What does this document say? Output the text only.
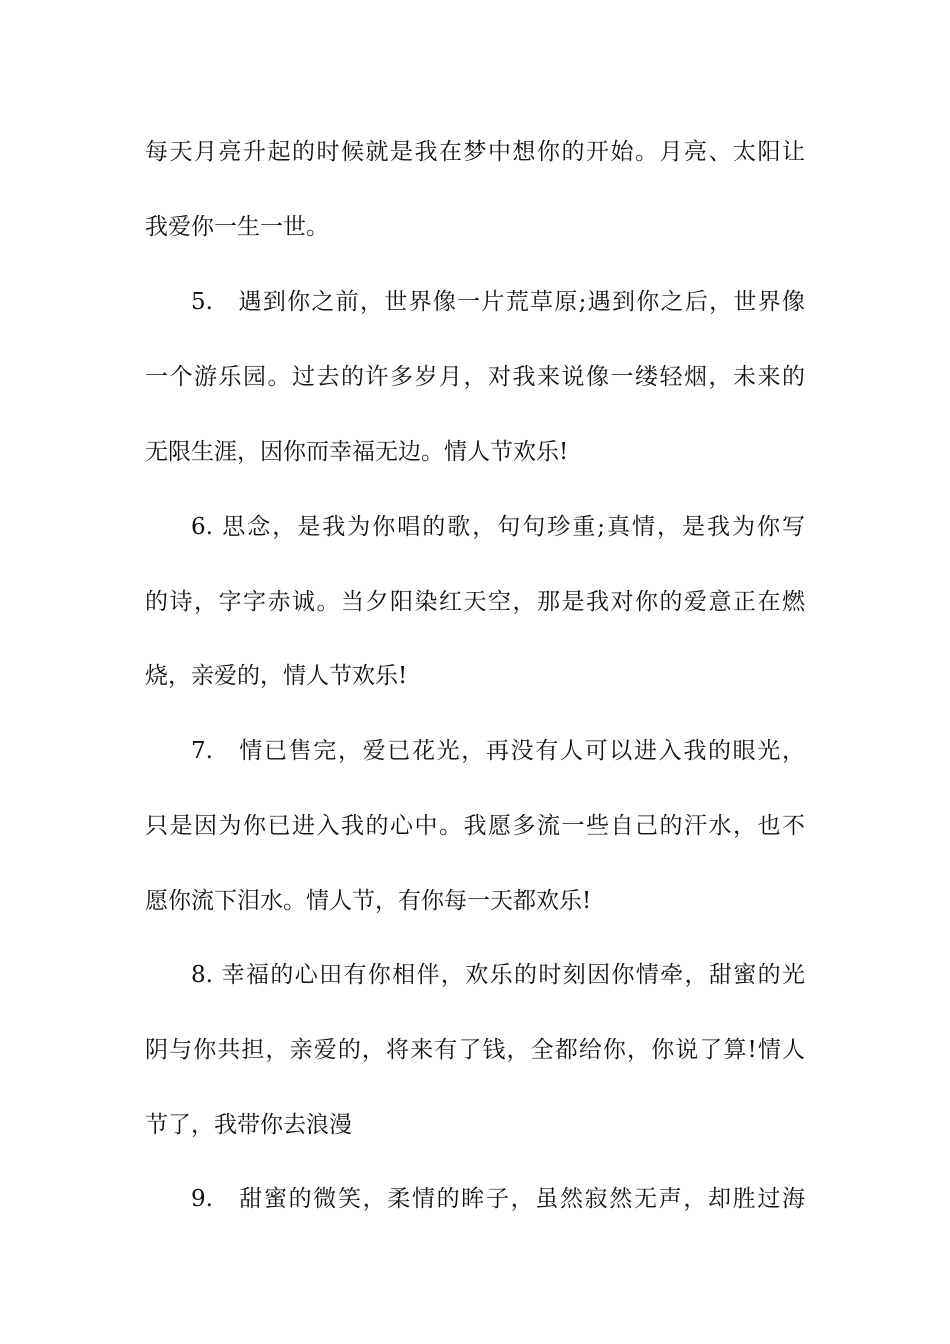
每天月亮升起的时候就是我在梦中想你的开始。月亮、太阳让
我爱你一生一世。
5.　遇到你之前，世界像一片荒草原;遇到你之后，世界像
一个游乐园。过去的许多岁月，对我来说像一缕轻烟，未来的
无限生涯，因你而幸福无边。情人节欢乐!
6. 思念，是我为你唱的歌，句句珍重;真情，是我为你写
的诗，字字赤诚。当夕阳染红天空，那是我对你的爱意正在燃
烧，亲爱的，情人节欢乐!
7.　情已售完，爱已花光，再没有人可以进入我的眼光，
只是因为你已进入我的心中。我愿多流一些自己的汗水，也不
愿你流下泪水。情人节，有你每一天都欢乐!
8. 幸福的心田有你相伴，欢乐的时刻因你情牵，甜蜜的光
阴与你共担，亲爱的，将来有了钱，全都给你，你说了算!情人
节了，我带你去浪漫
9.　甜蜜的微笑，柔情的眸子，虽然寂然无声，却胜过海
